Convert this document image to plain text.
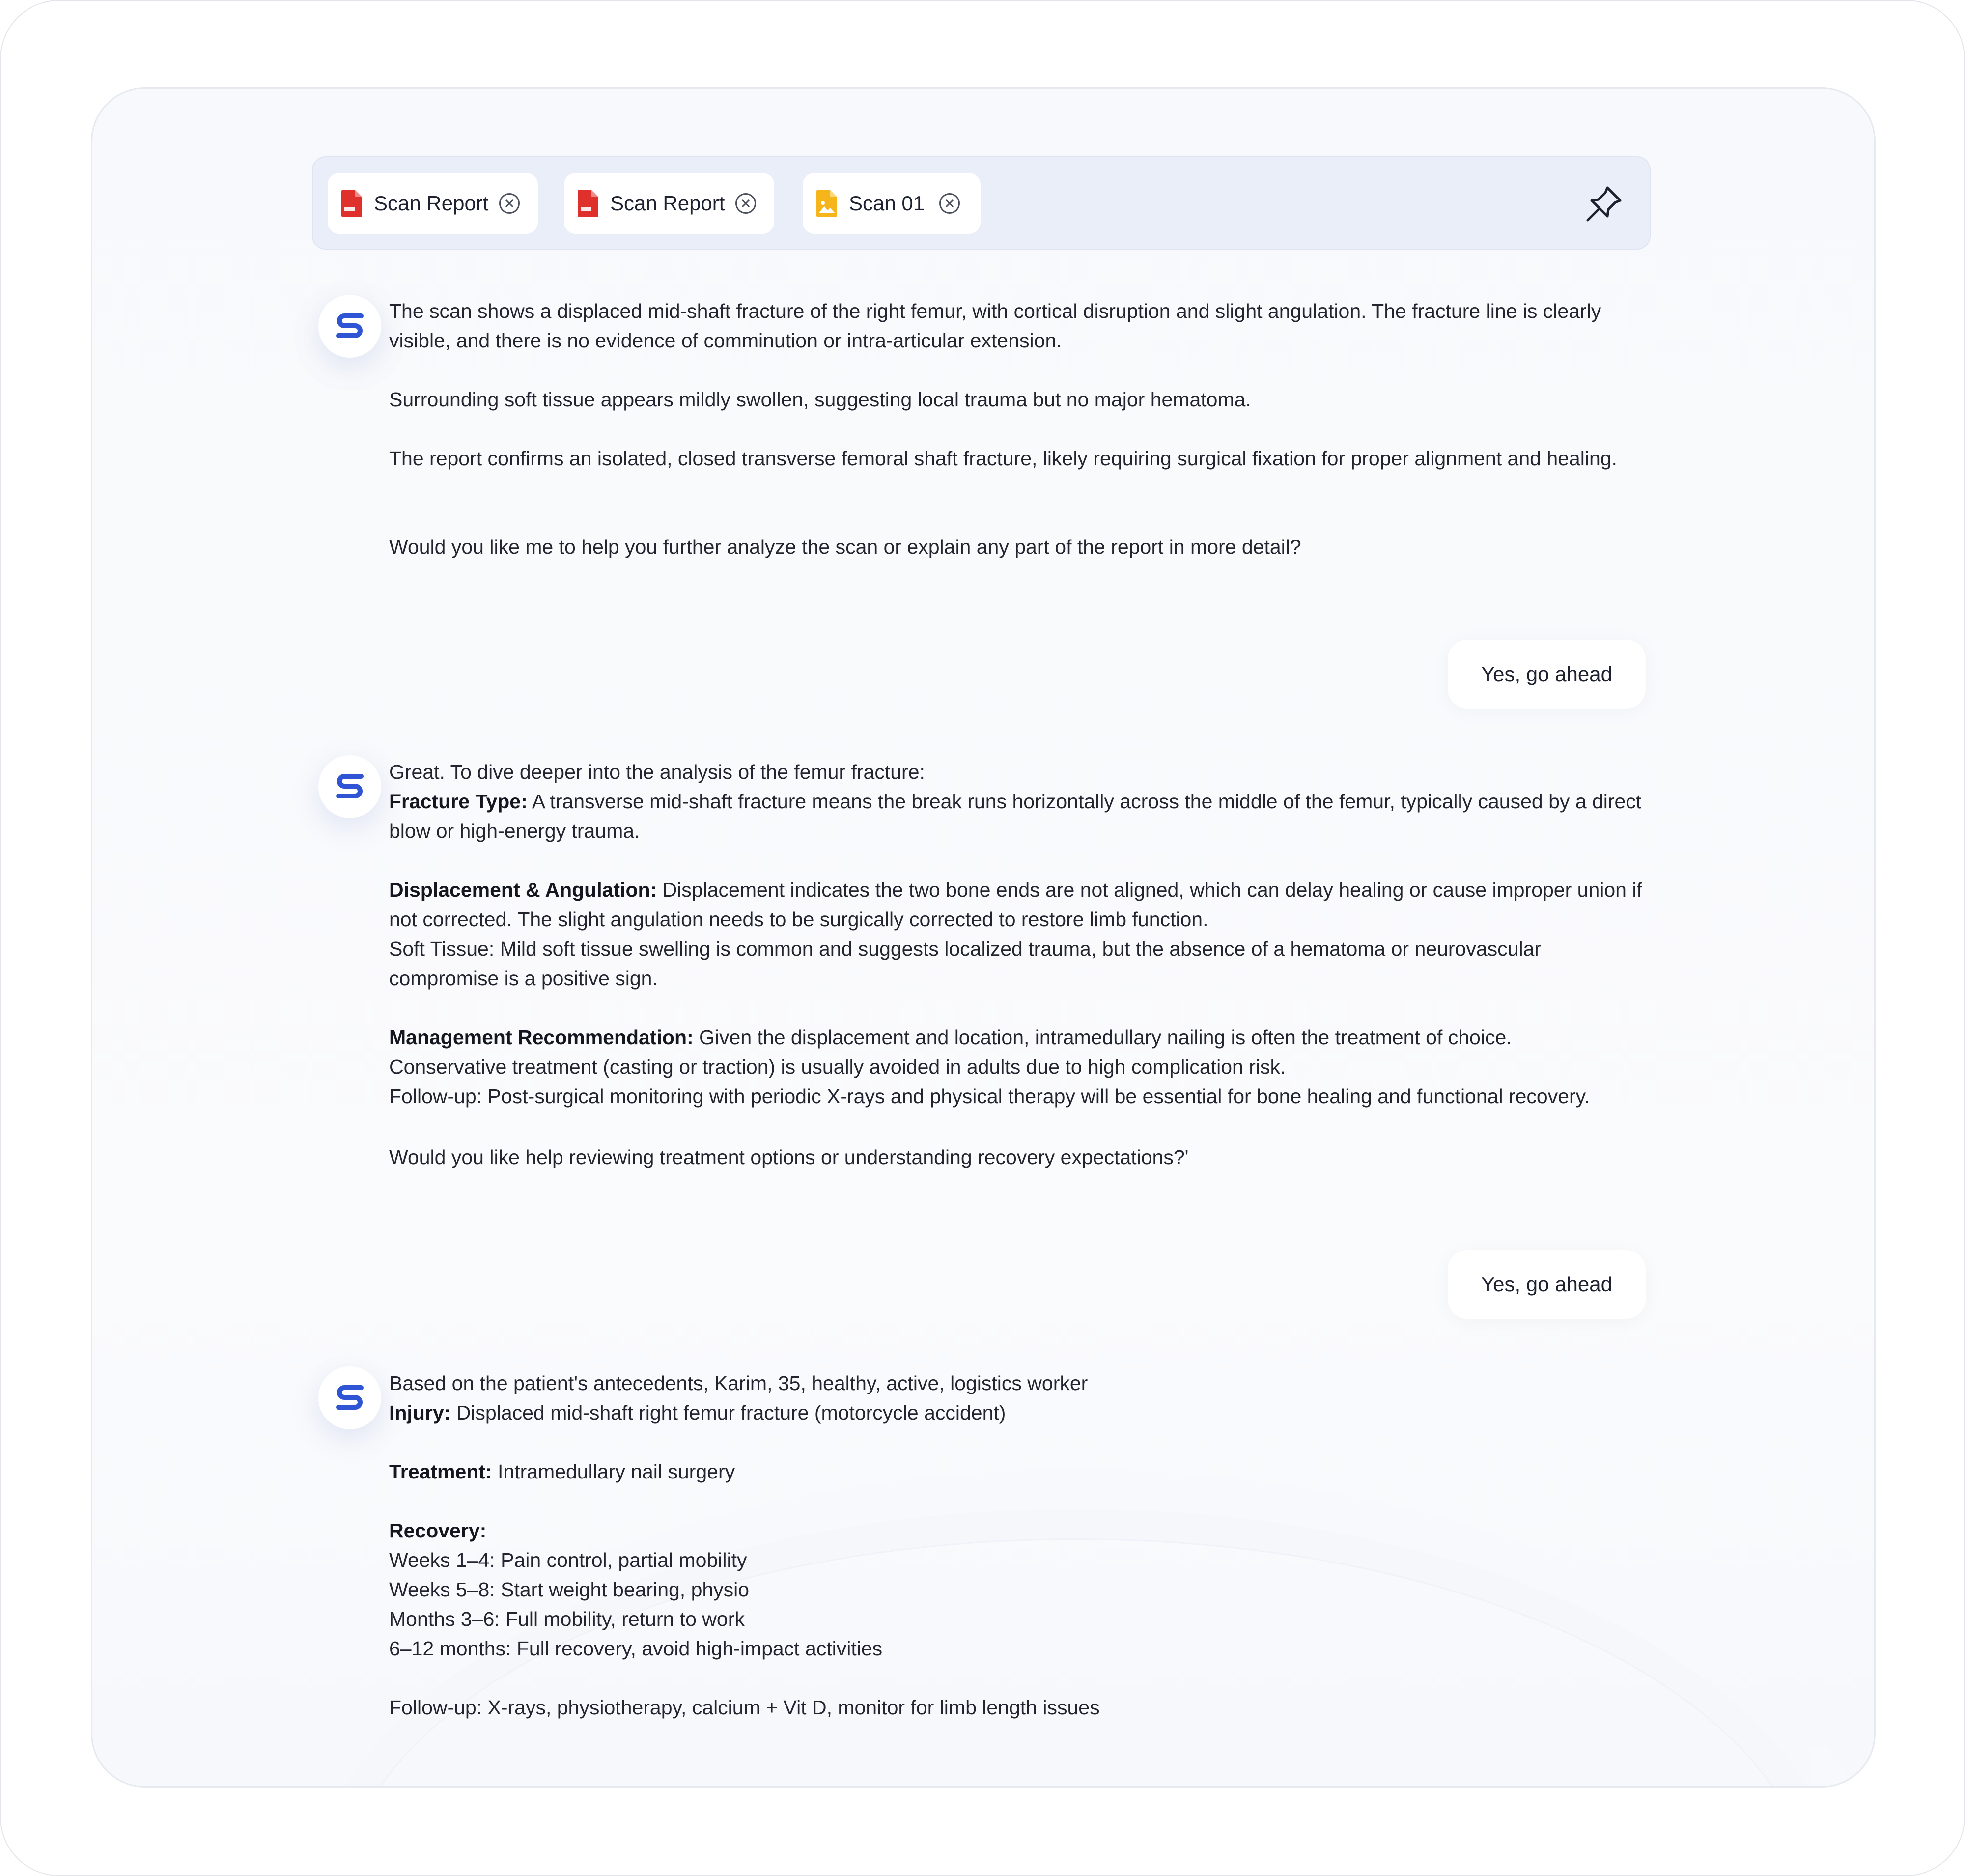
Scan Report	Scan Report	Scan 01

The scan shows a displaced mid-shaft fracture of the right femur, with cortical disruption and slight angulation. The fracture line is clearly visible, and there is no evidence of comminution or intra-articular extension.

Surrounding soft tissue appears mildly swollen, suggesting local trauma but no major hematoma.

The report confirms an isolated, closed transverse femoral shaft fracture, likely requiring surgical fixation for proper alignment and healing.

Would you like me to help you further analyze the scan or explain any part of the report in more detail?

Yes, go ahead

Great. To dive deeper into the analysis of the femur fracture:

Fracture Type: A transverse mid-shaft fracture means the break runs horizontally across the middle of the femur, typically caused by a direct blow or high-energy trauma.

Displacement & Angulation: Displacement indicates the two bone ends are not aligned, which can delay healing or cause improper union if not corrected. The slight angulation needs to be surgically corrected to restore limb function.

Soft Tissue: Mild soft tissue swelling is common and suggests localized trauma, but the absence of a hematoma or neurovascular compromise is a positive sign.

Management Recommendation: Given the displacement and location, intramedullary nailing is often the treatment of choice.

Conservative treatment (casting or traction) is usually avoided in adults due to high complication risk.

Follow-up: Post-surgical monitoring with periodic X-rays and physical therapy will be essential for bone healing and functional recovery.

Would you like help reviewing treatment options or understanding recovery expectations?'

Yes, go ahead

Based on the patient's antecedents, Karim, 35, healthy, active, logistics worker

Injury: Displaced mid-shaft right femur fracture (motorcycle accident)

Treatment: Intramedullary nail surgery

Recovery:

Weeks 1–4: Pain control, partial mobility

Weeks 5–8: Start weight bearing, physio

Months 3–6: Full mobility, return to work

6–12 months: Full recovery, avoid high-impact activities

Follow-up: X-rays, physiotherapy, calcium + Vit D, monitor for limb length issues
